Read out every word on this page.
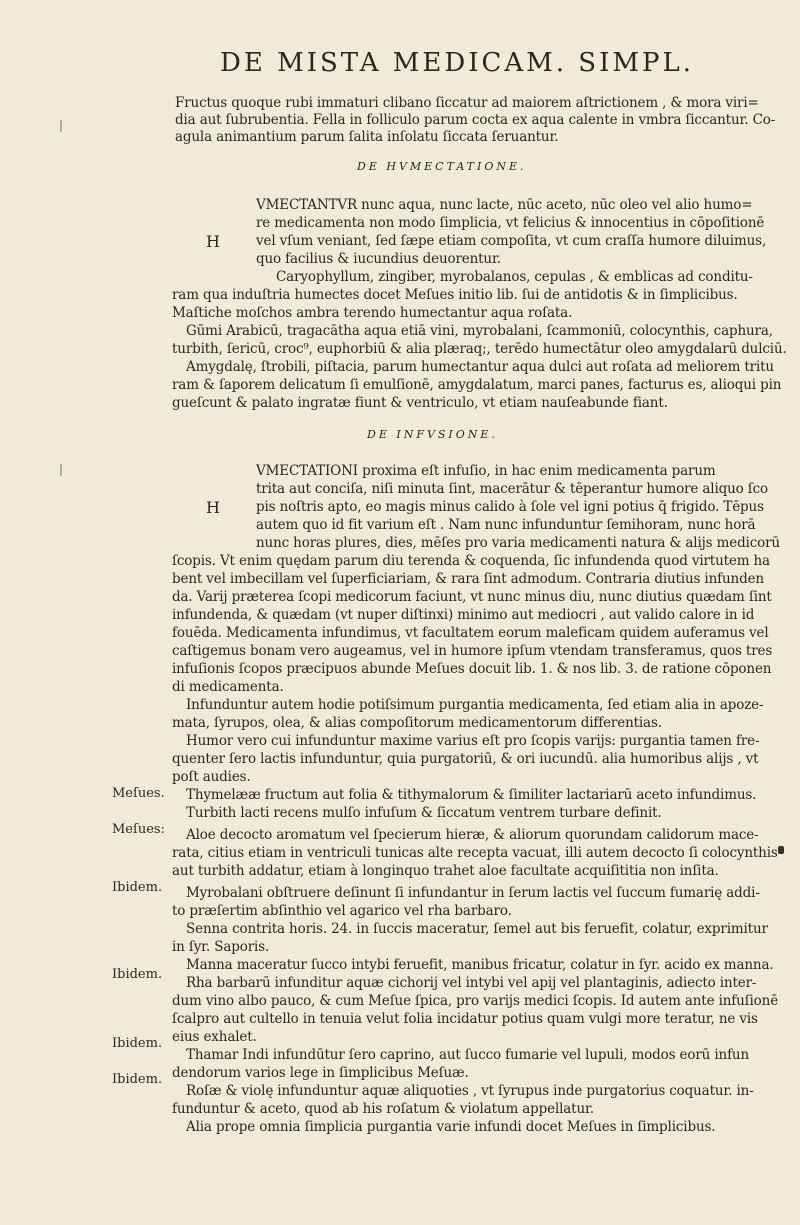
DE MISTA MEDICAM. SIMPL.
Fructus quoque rubi immaturi clibano ſiccatur ad maiorem aſtrictionem , & mora viri=
dia aut ſubrubentia. Fella in folliculo parum cocta ex aqua calente in vmbra ſiccantur. Co-
agula animantium parum ſalita inſolatu ſiccata ſeruantur.
DE HVMECTATIONE.
H
VMECTANTVR nunc aqua, nunc lacte, nūc aceto, nūc oleo vel alio humo=
re medicamenta non modo ſimplicia, vt felicius & innocentius in cōpoſitionē
vel vſum veniant, ſed ſæpe etiam compoſita, vt cum craſſa humore diluimus,
quo facilius & iucundius deuorentur.
Caryophyllum, zingiber, myrobalanos, cepulas , & emblicas ad conditu-
ram qua induſtria humectes docet Meſues initio lib. ſui de antidotis & in ſimplicibus.
Maſtiche moſchos ambra terendo humectantur aqua roſata.
Gūmi Arabicū, tragacātha aqua etiā vini, myrobalani, ſcammoniū, colocynthis, caphura,
turbith, ſericū, croc⁹, euphorbiū & alia plæraq;, terēdo humectātur oleo amygdalarū dulciū.
Amygdalę, ſtrobili, piſtacia, parum humectantur aqua dulci aut roſata ad meliorem tritu
ram & ſaporem delicatum ſi emulſionē, amygdalatum, marci panes, facturus es, alioqui pin
gueſcunt & palato ingratæ fiunt & ventriculo, vt etiam nauſeabunde fiant.
DE INFVSIONE.
H
VMECTATIONI proxima eſt infuſio, in hac enim medicamenta parum
trita aut conciſa, niſi minuta ſint, macerātur & tēperantur humore aliquo ſco
pis noſtris apto, eo magis minus calido à ſole vel igni potius q̄ frigido. Tēpus
autem quo id fit varium eſt . Nam nunc infunduntur ſemihoram, nunc horā
nunc horas plures, dies, mēſes pro varia medicamenti natura & alijs medicorū
ſcopis. Vt enim quędam parum diu terenda & coquenda, ſic infundenda quod virtutem ha
bent vel imbecillam vel ſuperficiariam, & rara ſint admodum. Contraria diutius infunden
da. Varij præterea ſcopi medicorum faciunt, vt nunc minus diu, nunc diutius quædam ſint
infundenda, & quædam (vt nuper diſtinxi) minimo aut mediocri , aut valido calore in id
fouēda. Medicamenta infundimus, vt facultatem eorum maleficam quidem auferamus vel
caſtigemus bonam vero augeamus, vel in humore ipſum vtendam transferamus, quos tres
infuſionis ſcopos præcipuos abunde Meſues docuit lib. 1. & nos lib. 3. de ratione cōponen
di medicamenta.
Infunduntur autem hodie potiſsimum purgantia medicamenta, ſed etiam alia in apoze-
mata, ſyrupos, olea, & alias compoſitorum medicamentorum differentias.
Humor vero cui infunduntur maxime varius eſt pro ſcopis varijs: purgantia tamen fre-
quenter ſero lactis infunduntur, quia purgatoriū, & ori iucundū. alia humoribus alijs , vt
poſt audies.
Thymelææ fructum aut folia & tithymalorum & ſimiliter lactariarū aceto infundimus.
Turbith lacti recens mulſo infuſum & ſiccatum ventrem turbare definit.
Aloe decocto aromatum vel ſpecierum hieræ, & aliorum quorundam calidorum mace-
rata, citius etiam in ventriculi tunicas alte recepta vacuat, illi autem decocto ſi colocynthis
aut turbith addatur, etiam à longinquo trahet aloe facultate acquiſititia non inſita.
Myrobalani obſtruere deſinunt ſi infundantur in ſerum lactis vel ſuccum fumarię addi-
to præſertim abſinthio vel agarico vel rha barbaro.
Senna contrita horis. 24. in ſuccis maceratur, ſemel aut bis feruefit, colatur, exprimitur
in ſyr. Saporis.
Manna maceratur ſucco intybi feruefit, manibus fricatur, colatur in ſyr. acido ex manna.
Rha barbarū infunditur aquæ cichorij vel intybi vel apij vel plantaginis, adiecto inter-
dum vino albo pauco, & cum Meſue ſpica, pro varijs medici ſcopis. Id autem ante infuſionē
ſcalpro aut cultello in tenuia velut folia incidatur potius quam vulgi more teratur, ne vis
eius exhalet.
Thamar Indi infundūtur ſero caprino, aut ſucco fumarie vel lupuli, modos eorū infun
dendorum varios lege in ſimplicibus Meſuæ.
Roſæ & violę infunduntur aquæ aliquoties , vt ſyrupus inde purgatorius coquatur. in-
funduntur & aceto, quod ab his roſatum & violatum appellatur.
Alia prope omnia ſimplicia purgantia varie infundi docet Meſues in ſimplicibus.
Meſues.
Meſues:
Ibidem.
Ibidem.
Ibidem.
Ibidem.
